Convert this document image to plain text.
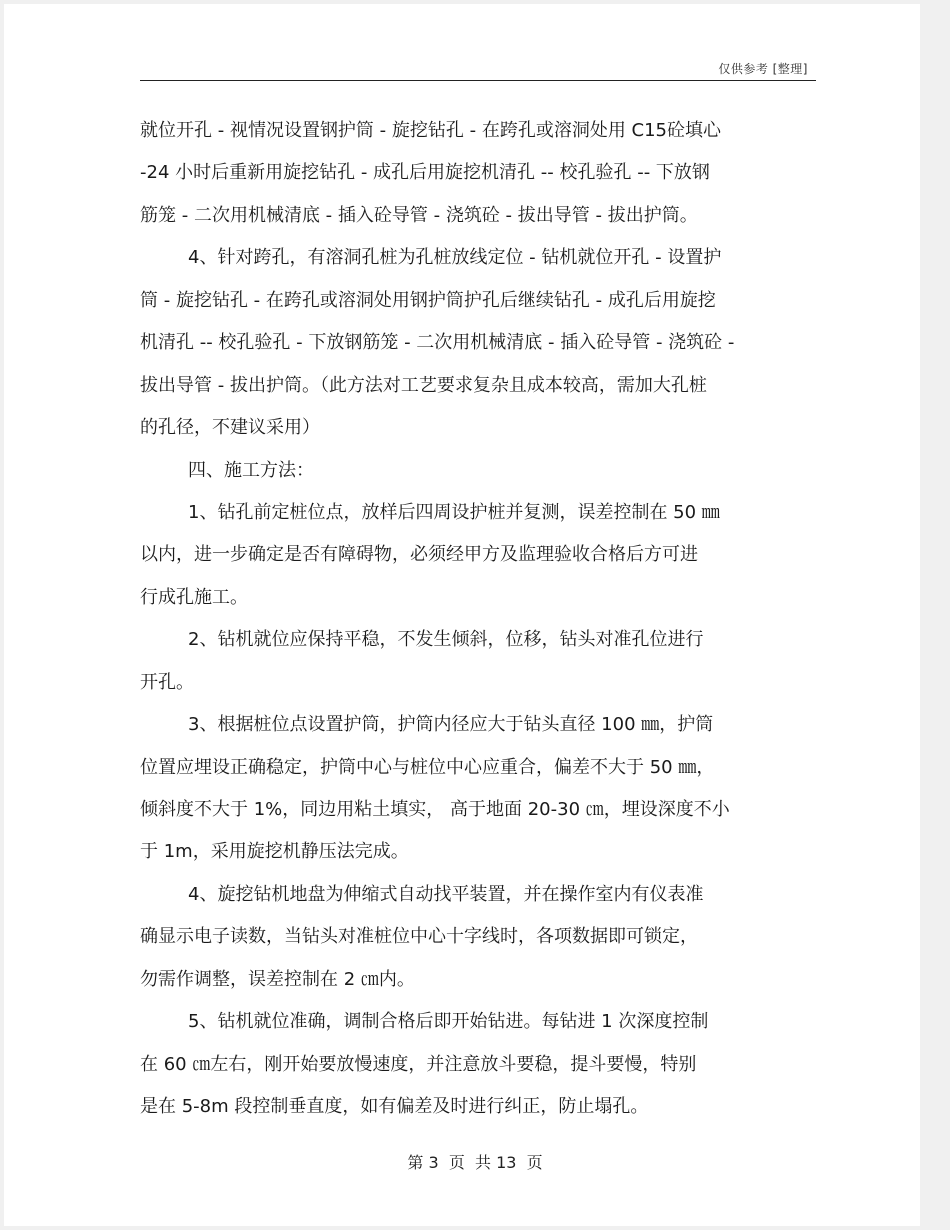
仅供参考 [整理]
就位开孔 - 视情况设置钢护筒 - 旋挖钻孔 - 在跨孔或溶洞处用 C15砼填心
-24 小时后重新用旋挖钻孔 - 成孔后用旋挖机清孔 -- 校孔验孔 -- 下放钢
筋笼 - 二次用机械清底 - 插入砼导管 - 浇筑砼 - 拔出导管 - 拔出护筒。
4、针对跨孔，有溶洞孔桩为孔桩放线定位 - 钻机就位开孔 - 设置护
筒 - 旋挖钻孔 - 在跨孔或溶洞处用钢护筒护孔后继续钻孔 - 成孔后用旋挖
机清孔 -- 校孔验孔 - 下放钢筋笼 - 二次用机械清底 - 插入砼导管 - 浇筑砼 -
拔出导管 - 拔出护筒。（此方法对工艺要求复杂且成本较高，需加大孔桩
的孔径，不建议采用）
四、施工方法：
1、钻孔前定桩位点，放样后四周设护桩并复测，误差控制在 50 ㎜
以内，进一步确定是否有障碍物，必须经甲方及监理验收合格后方可进
行成孔施工。
2、钻机就位应保持平稳，不发生倾斜，位移，钻头对准孔位进行
开孔。
3、根据桩位点设置护筒，护筒内径应大于钻头直径 100 ㎜，护筒
位置应埋设正确稳定，护筒中心与桩位中心应重合，偏差不大于 50 ㎜，
倾斜度不大于 1%，同边用粘土填实， 高于地面 20-30 ㎝，埋设深度不小
于 1m，采用旋挖机静压法完成。
4、旋挖钻机地盘为伸缩式自动找平装置，并在操作室内有仪表准
确显示电子读数，当钻头对准桩位中心十字线时，各项数据即可锁定，
勿需作调整，误差控制在 2 ㎝内。
5、钻机就位准确，调制合格后即开始钻进。每钻进 1 次深度控制
在 60 ㎝左右，刚开始要放慢速度，并注意放斗要稳，提斗要慢，特别
是在 5-8m 段控制垂直度，如有偏差及时进行纠正，防止塌孔。
第 3  页  共 13  页
